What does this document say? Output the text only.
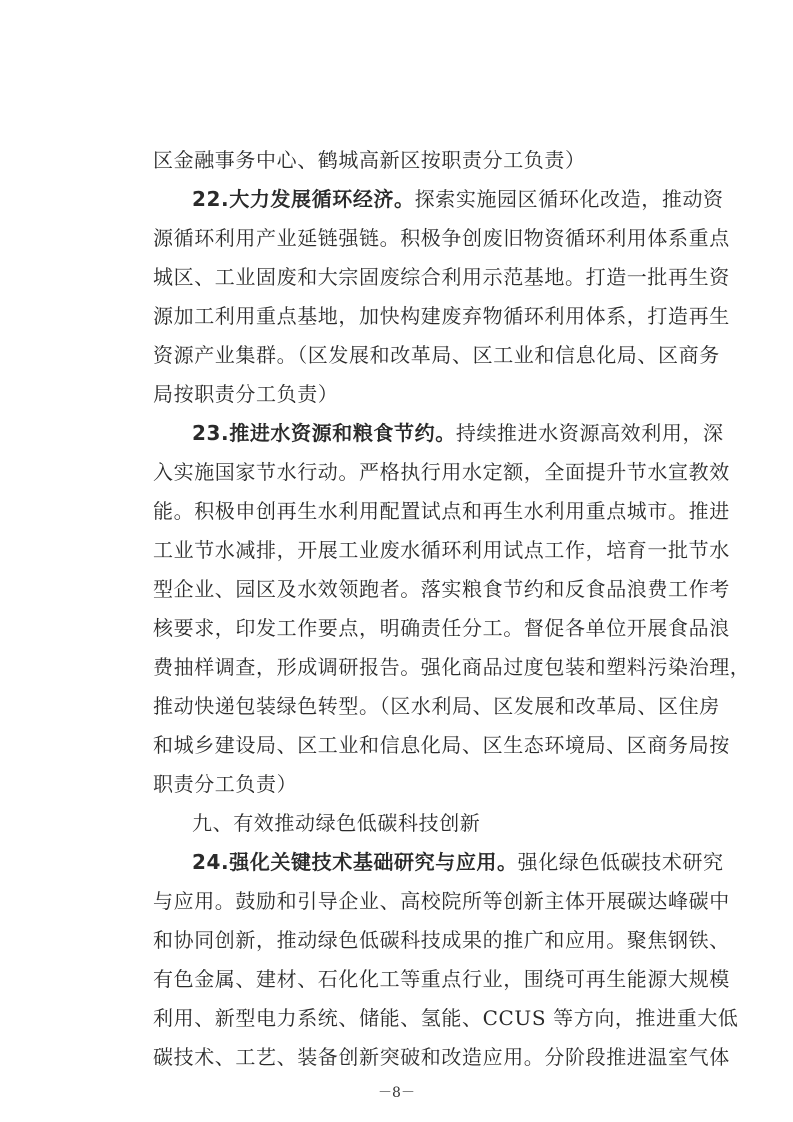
区金融事务中心、鹤城高新区按职责分工负责）
22.大力发展循环经济。探索实施园区循环化改造，推动资
源循环利用产业延链强链。积极争创废旧物资循环利用体系重点
城区、工业固废和大宗固废综合利用示范基地。打造一批再生资
源加工利用重点基地，加快构建废弃物循环利用体系，打造再生
资源产业集群。（区发展和改革局、区工业和信息化局、区商务
局按职责分工负责）
23.推进水资源和粮食节约。持续推进水资源高效利用，深
入实施国家节水行动。严格执行用水定额，全面提升节水宣教效
能。积极申创再生水利用配置试点和再生水利用重点城市。推进
工业节水减排，开展工业废水循环利用试点工作，培育一批节水
型企业、园区及水效领跑者。落实粮食节约和反食品浪费工作考
核要求，印发工作要点，明确责任分工。督促各单位开展食品浪
费抽样调查，形成调研报告。强化商品过度包装和塑料污染治理，
推动快递包装绿色转型。（区水利局、区发展和改革局、区住房
和城乡建设局、区工业和信息化局、区生态环境局、区商务局按
职责分工负责）
九、有效推动绿色低碳科技创新
24.强化关键技术基础研究与应用。强化绿色低碳技术研究
与应用。鼓励和引导企业、高校院所等创新主体开展碳达峰碳中
和协同创新，推动绿色低碳科技成果的推广和应用。聚焦钢铁、
有色金属、建材、石化化工等重点行业，围绕可再生能源大规模
利用、新型电力系统、储能、氢能、CCUS 等方向，推进重大低
碳技术、工艺、装备创新突破和改造应用。分阶段推进温室气体
－8－
